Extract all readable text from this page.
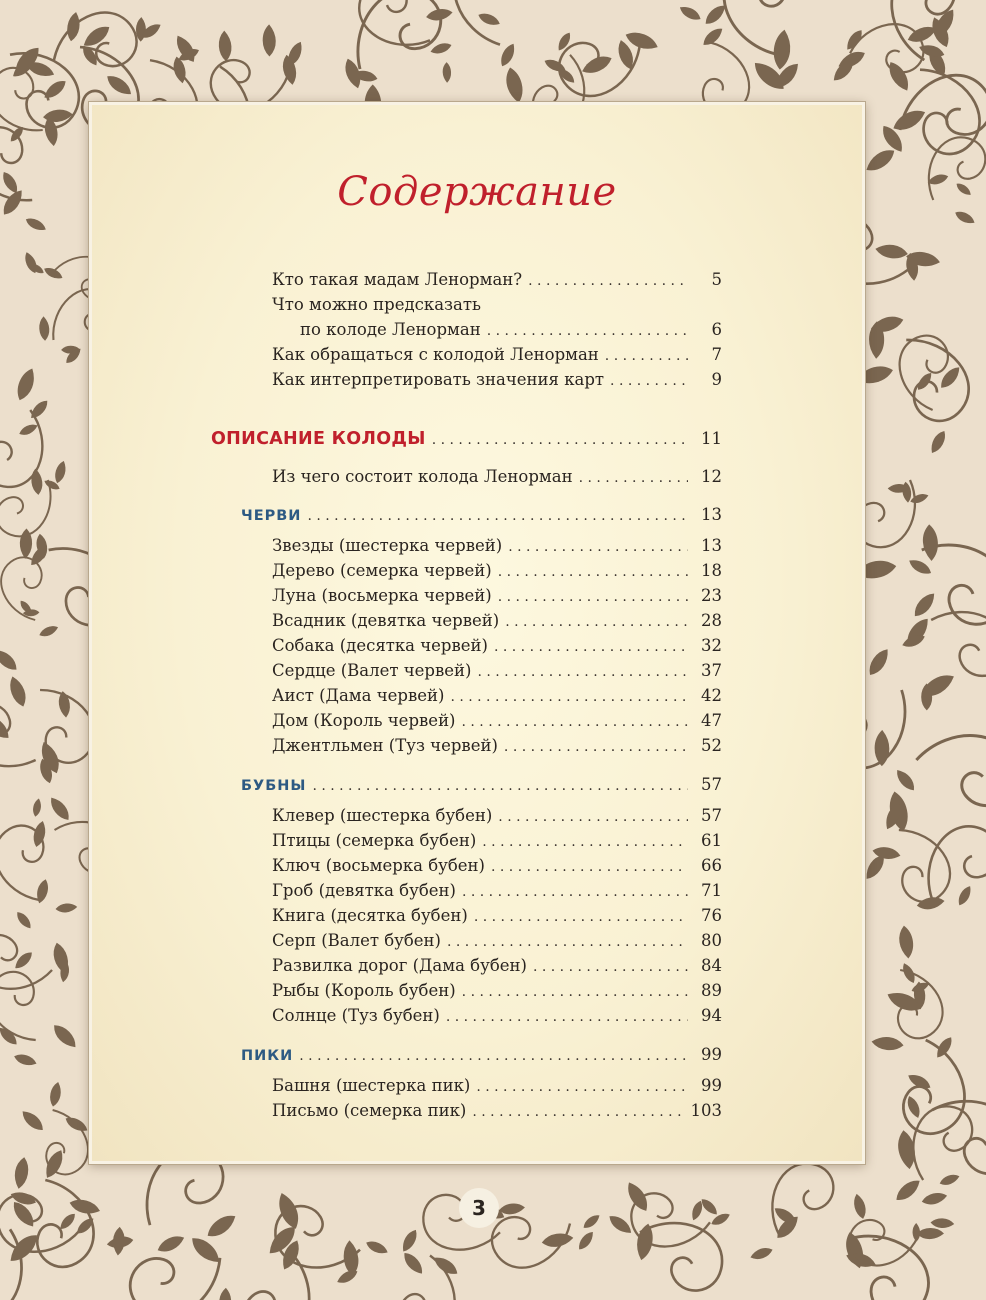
Содержание
Кто такая мадам Ленорман? . . .	5
Что можно предсказать
по колоде Ленорман . . .	6
Как обращаться с колодой Ленорман . . .	7
Как интерпретировать значения карт . . .	9
ОПИСАНИЕ КОЛОДЫ . . .	11
Из чего состоит колода Ленорман . . .	12
ЧЕРВИ . . .	13
Звезды (шестерка червей) . . .	13
Дерево (семерка червей) . . .	18
Луна (восьмерка червей) . . .	23
Всадник (девятка червей) . . .	28
Собака (десятка червей) . . .	32
Сердце (Валет червей) . . .	37
Аист (Дама червей) . . .	42
Дом (Король червей) . . .	47
Джентльмен (Туз червей) . . .	52
БУБНЫ . . .	57
Клевер (шестерка бубен) . . .	57
Птицы (семерка бубен) . . .	61
Ключ (восьмерка бубен) . . .	66
Гроб (девятка бубен) . . .	71
Книга (десятка бубен) . . .	76
Серп (Валет бубен) . . .	80
Развилка дорог (Дама бубен) . . .	84
Рыбы (Король бубен) . . .	89
Солнце (Туз бубен) . . .	94
ПИКИ . . .	99
Башня (шестерка пик) . . .	99
Письмо (семерка пик) . . .	103
3
